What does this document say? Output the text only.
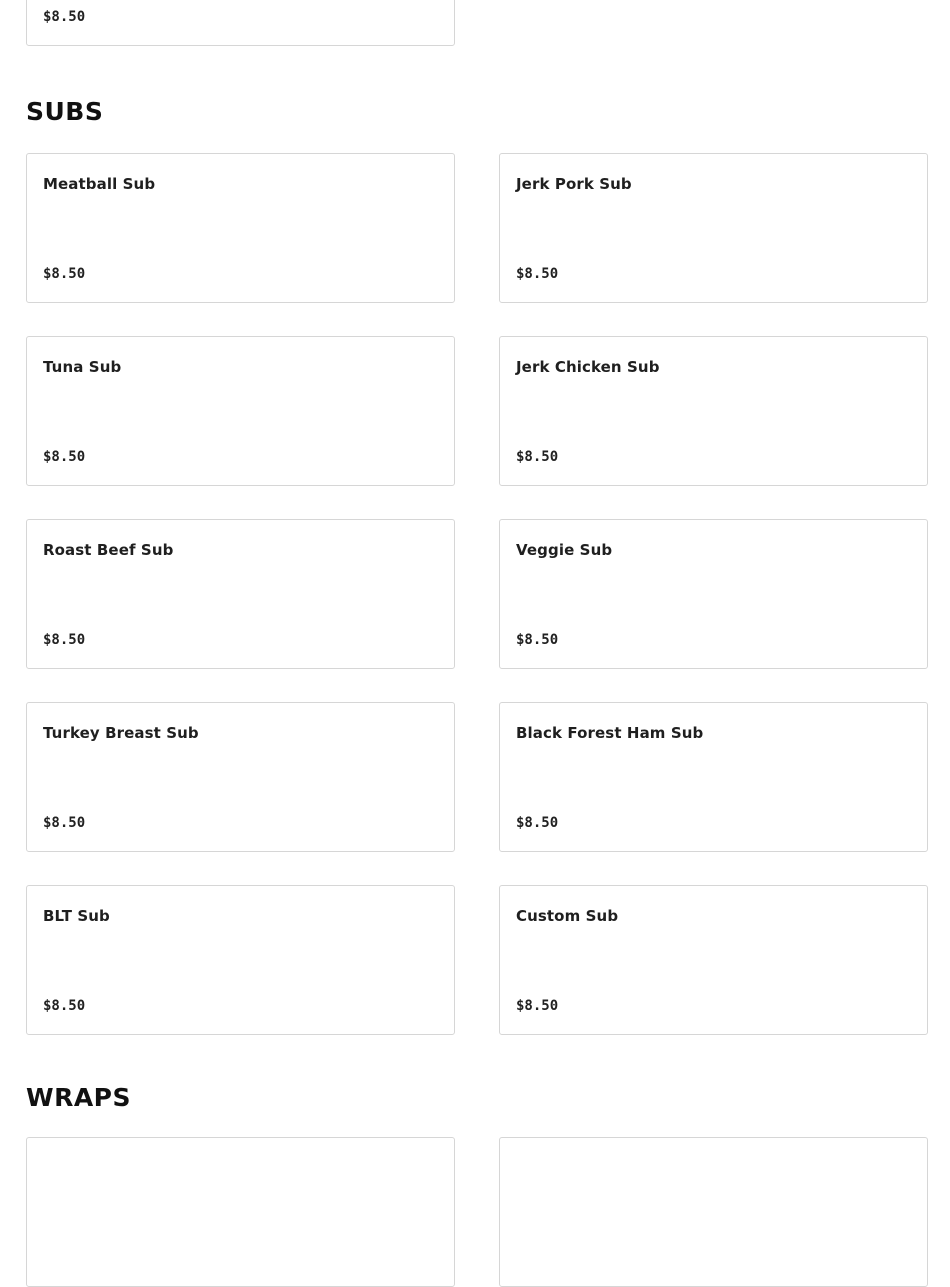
$8.50
SUBS
Meatball Sub
$8.50
Jerk Pork Sub
$8.50
Tuna Sub
$8.50
Jerk Chicken Sub
$8.50
Roast Beef Sub
$8.50
Veggie Sub
$8.50
Turkey Breast Sub
$8.50
Black Forest Ham Sub
$8.50
BLT Sub
$8.50
Custom Sub
$8.50
WRAPS
